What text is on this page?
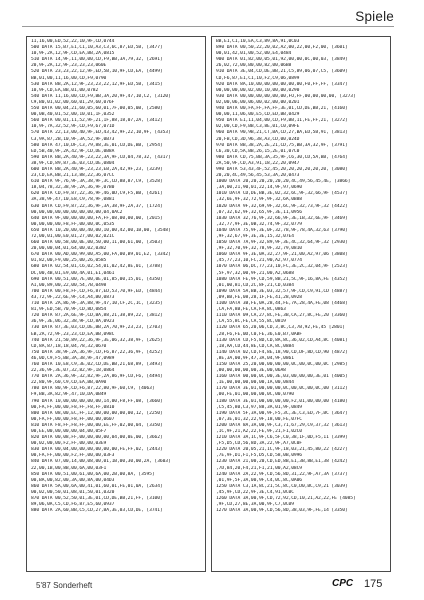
Spiele
11,16,00,ED,52,22,10,9F,CD,0744
500 DATA 15,B7,E1,C1,10,A3,C3,6C,87,ED,5B, [3477]
10,9F,2A,12,9F,CD,EA,BB,2A,0815
510 DATA 14,9F,11,00,00,CD,F9,BB,3A,79,32, [2691]
20,9F,2A,12,9F,23,23,23,060E
520 DATA 23,23,22,12,9F,ED,5B,10,9F,CD,EA, [4499]
BB,01,00,11,16,00,CD,F9,0790
530 DATA BB,2A,12,9F,23,23,22,12,9F,ED,5B, [3415]
10,9F,CD,EA,BB,01,00,0782
540 DATA 11,16,00,CD,F9,BB,3A,20,9F,47,10,C2, [3120]
C9,B0,01,02,00,60,01,29,60,076F
550 DATA 00,04,21,60,05,60,01,7F,00,05,0B, [2580]
00,0B,40,01,52,00,10,01,1F,0352
560 DATA 00,01,11,52,9F,21,1F,88,18,07,2A, [3412]
10,9F,7A,32,52,9F,CD,F9,67,071D
570 DATA 22,13,00,40,9F,ED,43,42,9F,22,10,9F, [4353]
C3,9A,87,2B,10,9F,3A,52,9F,0B73
580 DATA 47,10,DF,C3,79,88,3E,01,CD,DE,BB, [2954]
ED,5B,40,9F,2A,42,9F,CD,DE,0B8A
590 DATA BB,2A,40,9F,23,22,3A,9F,CD,04,78,32, [4317]
38,9F,CD,89,87,3E,03,CD,DE,0804
600 DATA BB,2A,40,9F,23,23,EB,2A,42,9F,23, [3239]
23,CD,EA,BB,21,13,88,22,36,07CC
610 DATA 9F,76,9F,3A,38,9F,3C,CD,8B,87,C9, [3528]
18,04,78,32,38,9F,2A,36,9F,07B0
620 DATA CD,F9,87,22,36,9F,46,0D,C9,F5,BB, [4261]
3A,38,9F,47,10,E8,C9,78,9F,0881
630 DATA CD,F9,87,22,36,9F,3A,38,9F,2A,37, [1724]
00,00,00,00,00,00,00,00,00,04,0AC2
640 DATA 9F,00,00,00,00,FA,FF,08,00,00,00, [2015]
00,00,00,00,F8,FF,00,00,0C,0535
650 DATA 10,20,00,00,40,00,10,00,42,00,1B,00, [3548]
72,00,01,00,E0,01,27,00,02,021C
660 DATA 00,58,00,0E,00,50,00,11,00,61,00, [3503]
20,00,00,04,01,64,00,02,0382
670 DATA 00,AD,00,99,00,A5,00,FA,00,B9,01,E2, [3342]
01,82,00,F9,00,25,00,26,0585
680 DATA 02,54,01,C6,02,54,01,02,42,8E,01, [3788]
DC,00,4B,01,E9,00,4A,01,E1,0461
690 DATA 00,51,00,7E,00,0E,01,85,00,15,01, [4350]
A1,00,89,00,22,00,54,7B,0498
700 DATA 00,F8,FF,CD,F6,87,ED,53,70,9F,ED, [4844]
43,72,9F,22,6E,9F,C4,A4,B0,0873
710 DATA 2A,86,9F,3A,88,9F,47,10,CF,2C,1C, [3235]
81,9F,ED,5B,70,9F,CD,8D,0854
720 DATA 87,2A,6E,9F,CD,BA,88,21,38,89,22, [3812]
36,9F,3E,06,32,38,9F,CD,8A,0923
730 DATA 87,3E,03,CD,DE,BB,2A,70,9F,23,23, [2703]
EB,2A,72,9F,23,23,CD,EA,BB,098C
740 DATA 21,50,89,22,36,9F,3E,06,32,38,9F, [2625]
CD,8A,87,18,18,04,78,32,0670
750 DATA 38,9F,2A,36,9F,CD,F6,87,22,36,9F, [4252]
46,0D,C9,F5,BB,3A,38,9F,47,0989
760 DATA 10,E8,C9,3E,02,CD,DE,BB,21,68,89, [3493]
22,36,9F,3E,07,32,82,9F,18,0864
770 DATA 2A,36,9F,32,82,9F,2A,86,9F,CD,F6, [4494]
22,80,9F,60,C9,CD,EA,BB,0A90
780 DATA 80,9F,CD,F6,87,22,80,9F,60,C9, [4063]
F9,BB,3A,82,9F,47,10,DA,0B49
790 DATA 10,00,00,00,00,00,14,00,F8,FF,08, [3660]
00,FA,FF,00,00,F8,FF,F8,FF,0810
800 DATA 08,00,EC,FF,12,00,00,00,00,00,12, [2250]
00,FA,FF,00,00,F8,FF,00,00,0607
810 DATA F8,FF,F8,FF,00,00,EE,FF,02,00,04, [3350]
00,EE,00,00,00,00,04,00,05F7
820 DATA 00,08,FF,00,00,00,00,04,00,0E,00, [3662]
00,02,00,00,F2,FF,00,00,03E9
830 DATA 00,04,00,00,00,00,00,00,FE,FF,02, [2443]
00,FA,FF,00,00,F2,FF,00,00,03F3
840 DATA 07,00,14,00,08,00,01,1B,00,30,00,2A, [3603]
22,00,1B,00,8B,00,6A,00,03F1
850 DATA 00,51,00,61,00,6A,00,2B,00,8A, [3595]
00,BA,00,82,00,3A,00,8A,00,04D3
860 DATA 5A,00,6A,00,41,01,60,01,FE,01,0A, [2634]
00,02,00,50,01,08,01,50,01,0320
870 DATA 00,52,50,01,3E,01,CD,DE,BB,21,FF, [3100]
89,06,0A,C5,CD,F6,87,E5,60,0937
880 DATA 2A,60,BB,C5,CD,27,BA,3E,03,CD,DE, [3741]
BB,E1,C1,10,EA,C3,89,8A,91,0C03
890 DATA 00,50,22,20,02,A2,00,22,00,F2,00, [3601]
00,01,42,01,00,52,00,E4,0484
900 DATA 01,82,00,05,01,92,00,00,0C,00,03, [3849]
26,02,72,00,B0,00,82,00,06B8
910 DATA 3E,04,CD,DE,BB,21,C5,89,06,07,C5, [3609]
CD,F6,87,E1,C1,10,F2,C9,06,0899
920 DATA 8A,10,00,00,00,00,00,00,F0,FF,FF, [3347]
00,00,00,00,02,00,10,00,00,0290
930 DATA 00,00,00,00,00,00,FO,FF,00,00,00,00, [3273]
02,00,06,00,06,00,02,00,00,0201
940 DATA 00,FA,FF,FA,FF,3E,01,CD,DE,BB,21, [4160]
00,00,11,06,00,E5,CD,ED,BB,0429
950 DATA E1,11,04,00,CD,F9,BB,11,FE,FF,21, [3272]
02,00,CD,F9,BB,C3,8E,01,C0,09FE
960 DATA 90,9B,21,CT,BA,CD,27,BA,ED,5B,91, [3813]
20,FB,CD,3D,96,38,A3,CD,00,024D
970 DATA 8B,38,2A,2E,21,CD,75,BB,3A,32,9F, [3791]
C6,30,CD,5A,BB,26,15,2E,01,07C0
980 DATA CD,75,BB,3A,35,9F,C6,30,CD,5A,BB, [4764]
2A,50,9F,CD,A3,91,18,22,20,0947
990 DATA 53,43,4F,52,45,20,20,20,20,20,20, [3080]
20,20,4C,49,56,45,53,3A,20,0473
1000 DATA 20,20,20,20,20,20,4C,49,56,45,4E, [3866]
,3A,00,21,90,01,22,14,9F,97,0690
1010 DATA CD,DE,BB,3E,02,32,6C,9F,32,66,9F [4537]
,32,6E,9F,32,72,9F,9F,32,6A,0B88
1020 DATA 9F,32,69,9F,32,6C,9F,32,73,9F,32 [4422]
,07,32,62,9F,32,65,9F,3E,11,0956
1030 DATA 32,76,9F,32,66,9F,3E,1B,32,6E,9F [3469]
,32,77,9F,3E,0B,32,74,9F,32,0779
1040 DATA 75,9F,3E,0F,32,78,9F,78,4A,32,63 [3790]
,9F,32,67,9F,3E,3E,15,32,07E4
1050 DATA 7A,9F,32,89,9F,3E,4C,32,64,9F,32 [2930]
,9F,32,70,9F,32,78,9F,32,79,0810
1060 DATA 9F,3E,0A,32,27,9F,21,00,A2,97,06 [3808]
,45,77,23,10,FC,21,90,A2,97,0774
1070 DATA 06,DC,77,23,10,FC,3E,2C,32,04,9F [2523]
,5F,97,32,00,9F,21,00,A2,0688
1080 DATA FE,9F,CD,59,8B,21,5C,9F,16,8A,FE [4352]
,01,00,81,CD,2C,8F,21,CD,0384
1090 DATA 5A,BB,3E,03,32,57,9F,CD,C9,91,CD [4887]
,09,BB,FE,08,28,1F,FE,41,28,0928
1100 DATA 3B,FE,0A,28,44,FE,7A,28,4A,FE,08 [4468]
,CA,FA,8B,FE,CA,FA,8C,0863
1110 DATA 09,CA,27,8C,FE,3B,CA,27,8C,FE,20 [3360]
,CA,55,8C,FE,CA,55,8C,0819
1120 DATA 65,20,06,CD,3,8C,C3,7B,92,FE,45 [2801]
,28,F6,FE,0D,C0,FE,36,E0,B7,0ABF
1130 DATA CD,F5,8D,CD,8A,8C,36,02,CD,A4,8C [4081]
,18,AA,CD,44,8E,CD,CA,8C,0884
1140 DATA 02,CD,F4,8E,18,90,CD,DF,8D,CD,90 [4872]
,8E,3A,00,9F,47,3A,04,9F,0861
1150 DATA 25,20,00,00,00,00,0C,00,0C,00,0C [2985]
,00,00,00,00,00,3E,00,06A8
1160 DATA 00,00,0C,00,3E,03,00,00,00,3E,01 [4005]
,1E,00,00,00,00,00,1A,00,0844
1170 DATA 3E,01,00,00,00,0C,00,0C,00,0C,00 [3112]
,00,FE,01,00,00,00,0C,00,0790
1180 DATA 3E,01,00,00,00,00,F2,01,00,00,00 [4180]
,C5,45,80,C3,97,88,3A,01,9F,0849
1190 DATA 5F,3A,00,9F,F5,3C,3E,C3,ED,7F,BC [3647]
,07,3E,01,32,22,9F,18,00,FE,07FC
1200 DATA 8A,3A,00,9F,C3,71,67,29,C9,37,32 [3613]
,1C,9F,21,A2,22,FE,9F,21,F1,02C0
1210 DATA 3A,1C,9F,C6,5F,C0,38,1F,0D,F5,11 [3399]
,F5,D5,CD,56,8D,3A,22,9F,A7,0C0F
1220 DATA 20,05,21,1C,9F,18,03,21,45,80,22 [4227]
,7E,9F,D1,F1,F5,D5,CD,58,0B,0996
1230 DATA 21,00,20,CD,ED,8B,E1,3B,8B,E1,38 [4242]
,7D,84,20,F4,21,F1,21,00,A2,08C9
1240 DATA 2A,22,9F,CD,56,8D,31,22,9F,A7,3A [3737]
,01,9F,5F,3A,00,9F,C4,0C,8C,0A06
1250 DATA C3,1A,8C,21,5C,8C,C0,D0,BC,C9,21 [3039]
,45,9F,CD,22,9F,3E,C4,91,0C0C
1260 DATA 3A,00,9F,CD,72,92,CD,10,21,A2,22,FE [4085]
,9F,CD,27,8E,3A,00,9F,C7,0C09
1270 DATA 3A,00,9F,CD,56,8D,38,03,9F,FE,14 [3350]
5'87 Sonderheft	CPC 175
